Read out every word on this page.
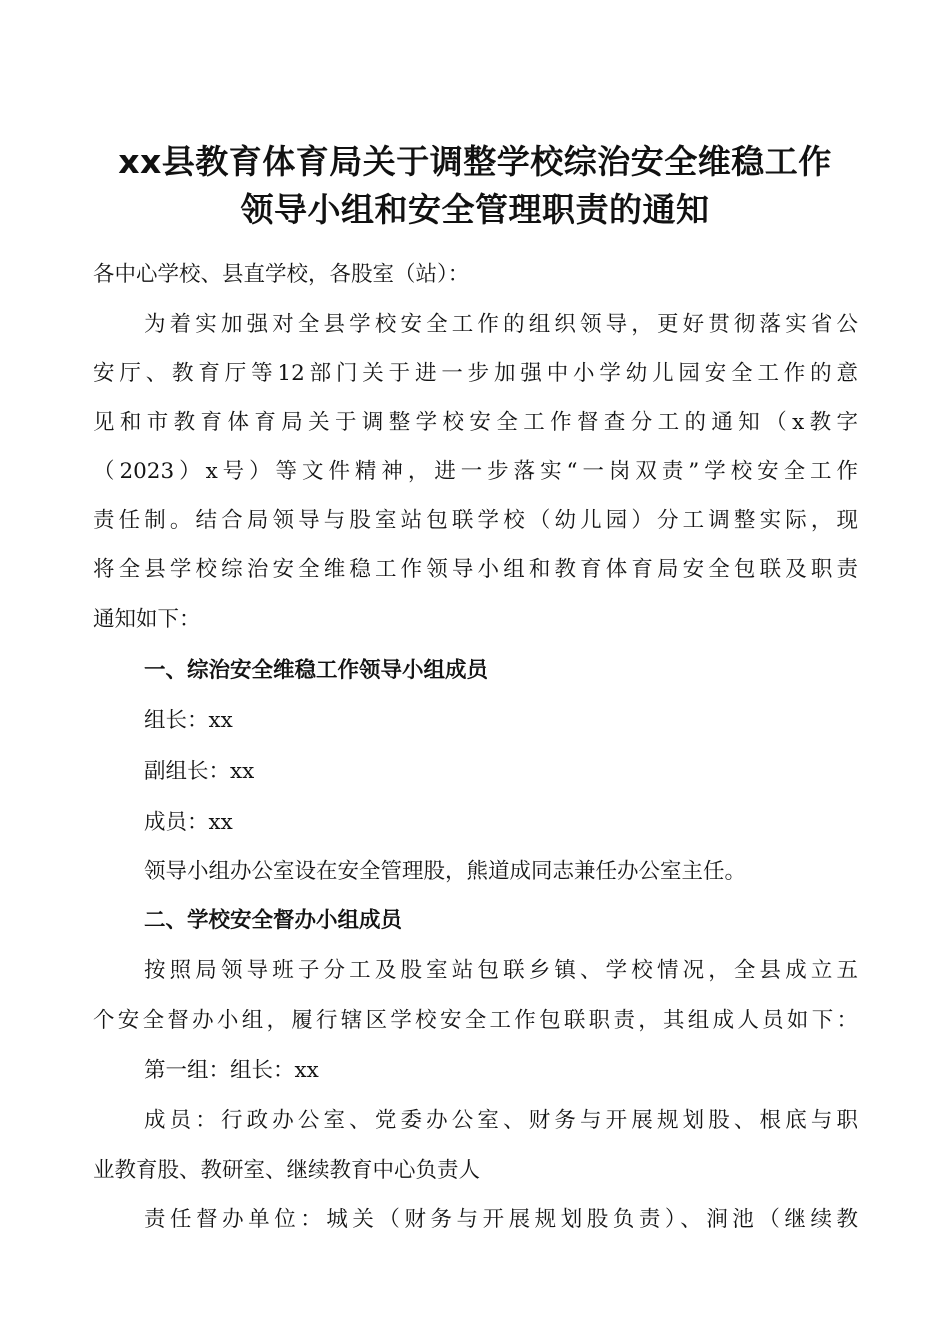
xx县教育体育局关于调整学校综治安全维稳工作
领导小组和安全管理职责的通知
各中心学校、县直学校，各股室（站）：
为着实加强对全县学校安全工作的组织领导，更好贯彻落实省公
安厅、教育厅等12部门关于进一步加强中小学幼儿园安全工作的意
见和市教育体育局关于调整学校安全工作督查分工的通知（x教字
（2023）x号）等文件精神，进一步落实“一岗双责”学校安全工作
责任制。结合局领导与股室站包联学校（幼儿园）分工调整实际，现
将全县学校综治安全维稳工作领导小组和教育体育局安全包联及职责
通知如下：
一、综治安全维稳工作领导小组成员
组长：xx
副组长：xx
成员：xx
领导小组办公室设在安全管理股，熊道成同志兼任办公室主任。
二、学校安全督办小组成员
按照局领导班子分工及股室站包联乡镇、学校情况，全县成立五
个安全督办小组，履行辖区学校安全工作包联职责，其组成人员如下：
第一组：组长：xx
成员：行政办公室、党委办公室、财务与开展规划股、根底与职
业教育股、教研室、继续教育中心负责人
责任督办单位：城关（财务与开展规划股负责）、涧池（继续教
